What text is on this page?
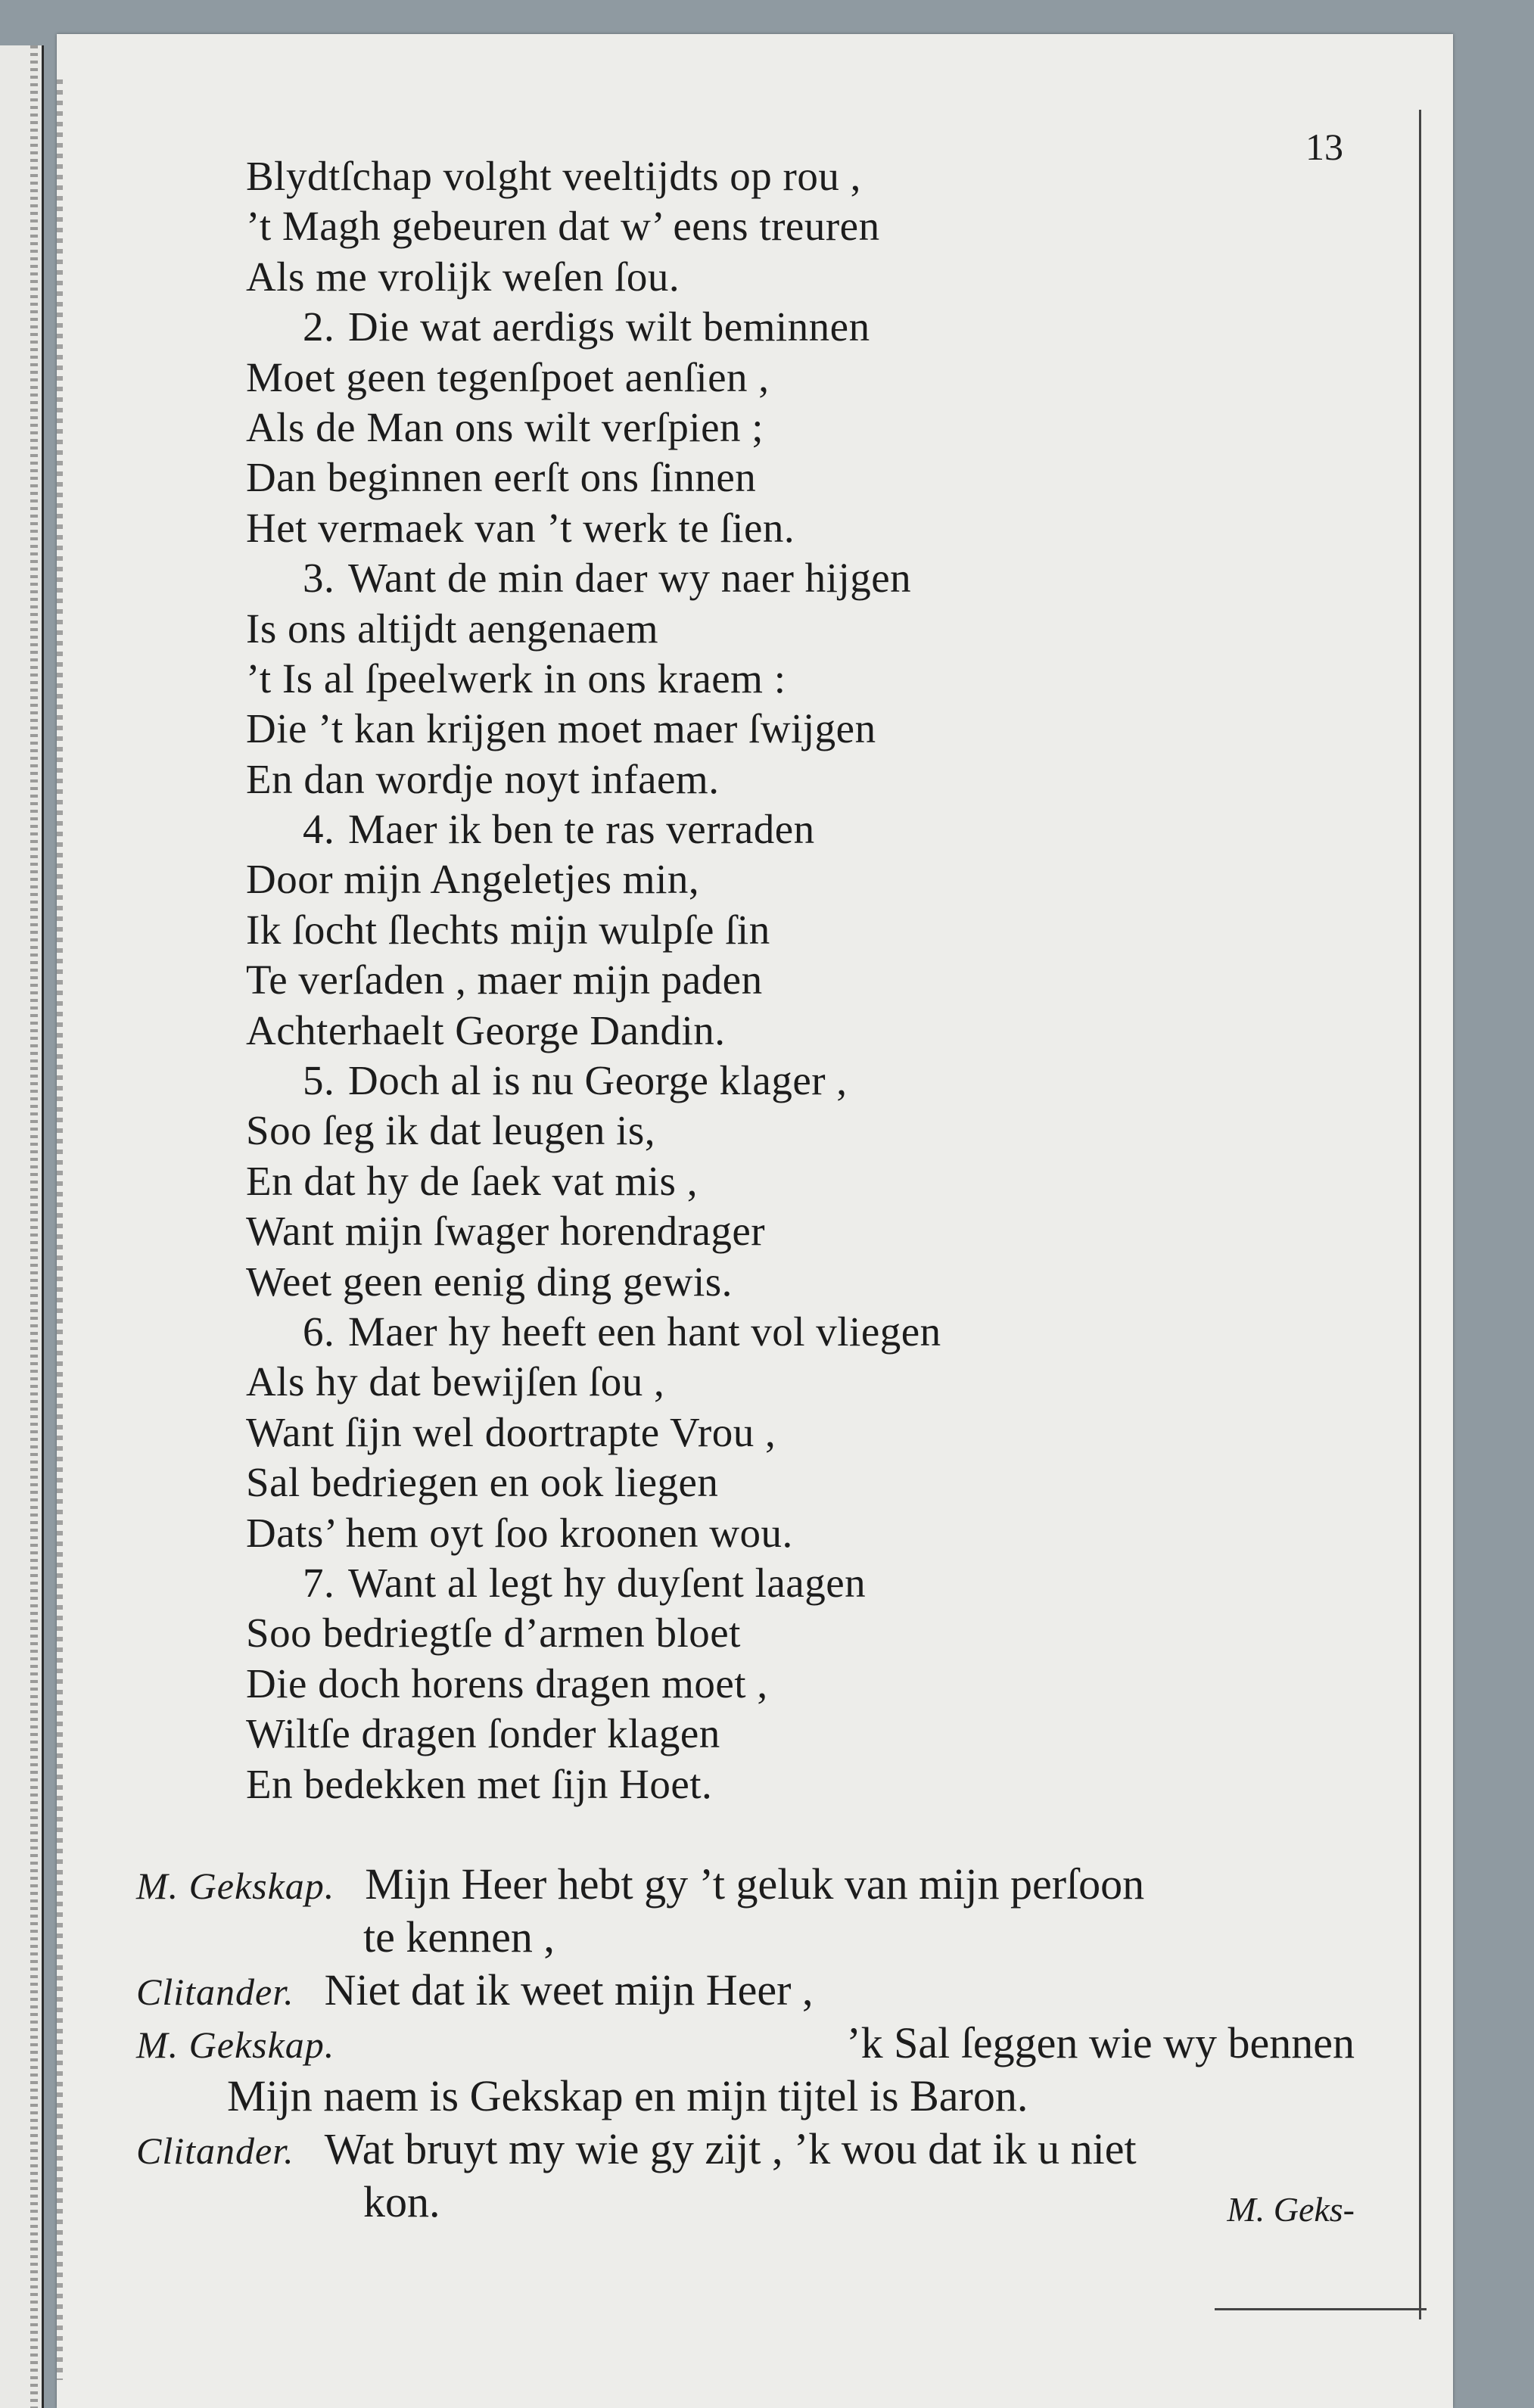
13
Blydtſchap volght veeltijdts op rou ,
’t Magh gebeuren dat w’ eens treuren
Als me vrolijk weſen ſou.
2. Die wat aerdigs wilt beminnen
Moet geen tegenſpoet aenſien ,
Als de Man ons wilt verſpien ;
Dan beginnen eerſt ons ſinnen
Het vermaek van ’t werk te ſien.
3. Want de min daer wy naer hijgen
Is ons altijdt aengenaem
’t Is al ſpeelwerk in ons kraem :
Die ’t kan krijgen moet maer ſwijgen
En dan wordje noyt infaem.
4. Maer ik ben te ras verraden
Door mijn Angeletjes min,
Ik ſocht ſlechts mijn wulpſe ſin
Te verſaden , maer mijn paden
Achterhaelt George Dandin.
5. Doch al is nu George klager ,
Soo ſeg ik dat leugen is,
En dat hy de ſaek vat mis ,
Want mijn ſwager horendrager
Weet geen eenig ding gewis.
6. Maer hy heeft een hant vol vliegen
Als hy dat bewijſen ſou ,
Want ſijn wel doortrapte Vrou ,
Sal bedriegen en ook liegen
Dats’ hem oyt ſoo kroonen wou.
7. Want al legt hy duyſent laagen
Soo bedriegtſe d’armen bloet
Die doch horens dragen moet ,
Wiltſe dragen ſonder klagen
En bedekken met ſijn Hoet.
M. Gekskap. Mijn Heer hebt gy ’t geluk van mijn perſoon
te kennen ,
Clitander. Niet dat ik weet mijn Heer ,
M. Gekskap.	’k Sal ſeggen wie wy bennen
Mijn naem is Gekskap en mijn tijtel is Baron.
Clitander. Wat bruyt my wie gy zijt , ’k wou dat ik u niet
kon.	M. Geks-
